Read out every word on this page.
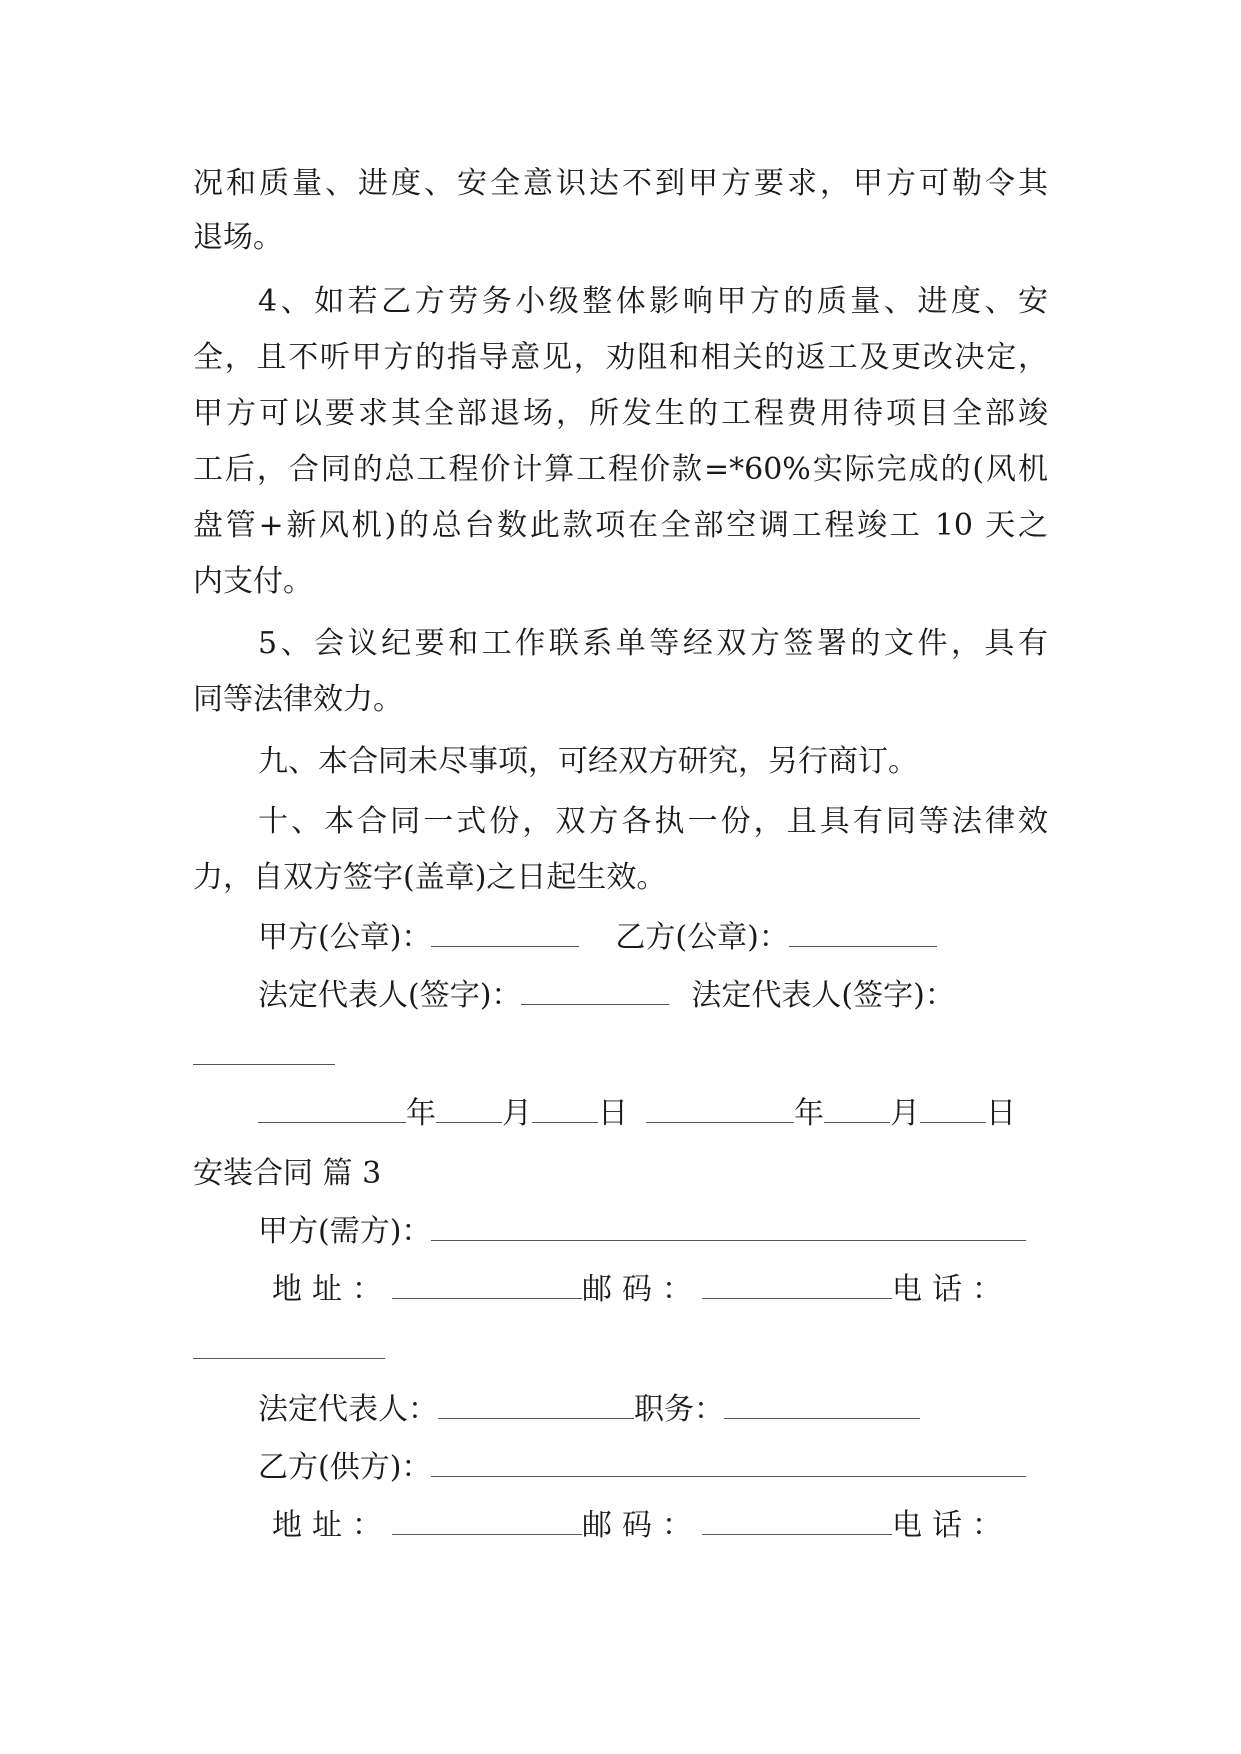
况和质量、进度、安全意识达不到甲方要求，甲方可勒令其
退场。
4、如若乙方劳务小级整体影响甲方的质量、进度、安
全，且不听甲方的指导意见，劝阻和相关的返工及更改决定，
甲方可以要求其全部退场，所发生的工程费用待项目全部竣
工后，合同的总工程价计算工程价款=*60%实际完成的(风机
盘管+新风机)的总台数此款项在全部空调工程竣工 10 天之
内支付。
5、会议纪要和工作联系单等经双方签署的文件，具有
同等法律效力。
九、本合同未尽事项，可经双方研究，另行商订。
十、本合同一式份，双方各执一份，且具有同等法律效
力，自双方签字(盖章)之日起生效。
甲方(公章)：	乙方(公章)：
法定代表人(签字)：	法定代表人(签字)：
年 月 日	年 月 日
安装合同 篇 3
甲方(需方)：
地址：	邮码：	电话：
法定代表人：	职务：
乙方(供方)：
地址：	邮码：	电话：
